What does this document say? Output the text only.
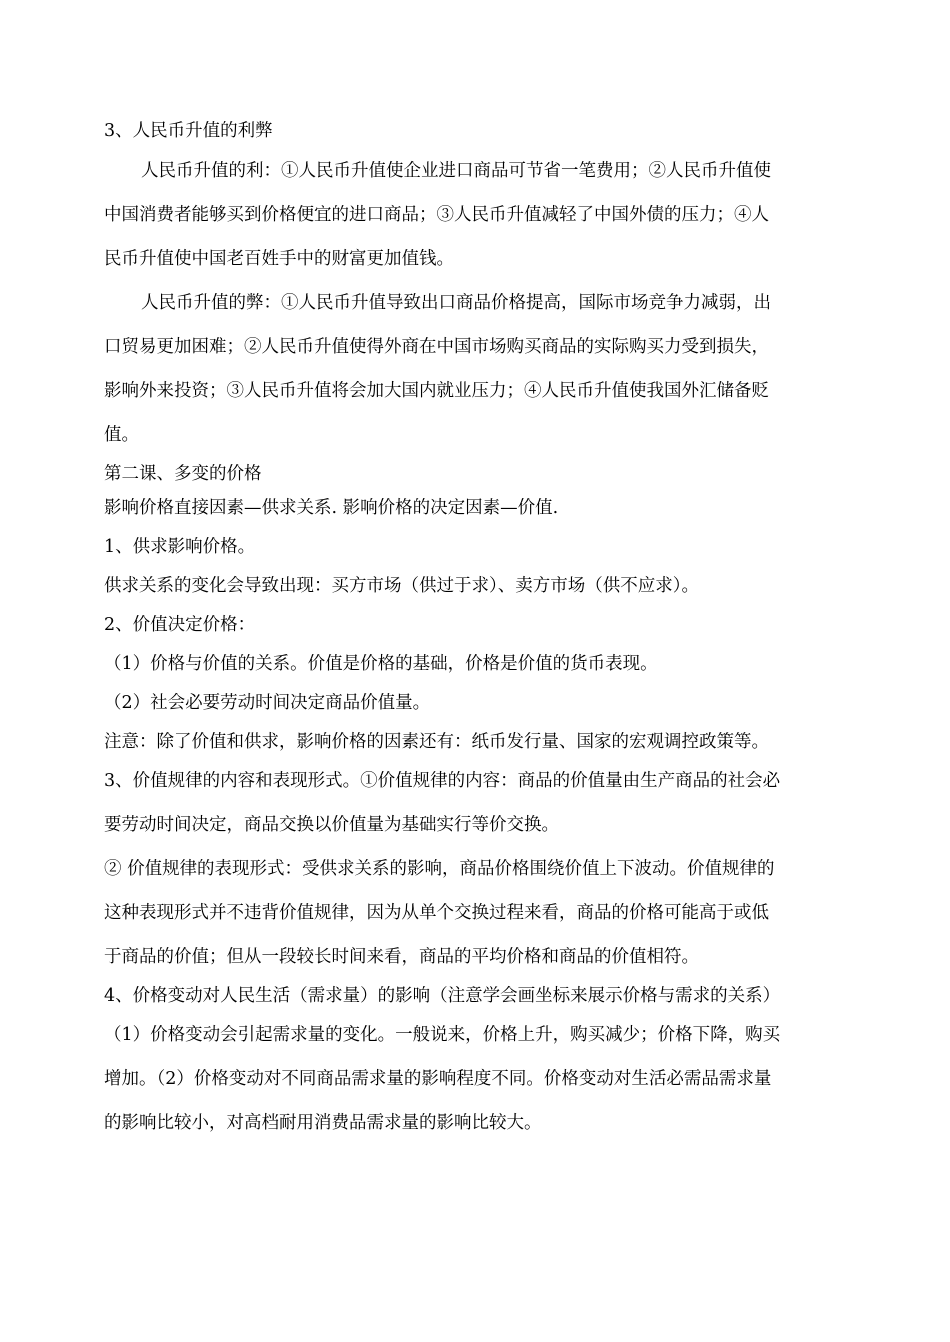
3、人民币升值的利弊
人民币升值的利：①人民币升值使企业进口商品可节省一笔费用；②人民币升值使
中国消费者能够买到价格便宜的进口商品；③人民币升值减轻了中国外债的压力；④人
民币升值使中国老百姓手中的财富更加值钱。
人民币升值的弊：①人民币升值导致出口商品价格提高，国际市场竞争力减弱，出
口贸易更加困难；②人民币升值使得外商在中国市场购买商品的实际购买力受到损失，
影响外来投资；③人民币升值将会加大国内就业压力；④人民币升值使我国外汇储备贬
值。
第二课、多变的价格
影响价格直接因素—供求关系. 影响价格的决定因素—价值.
1、供求影响价格。
供求关系的变化会导致出现：买方市场（供过于求）、卖方市场（供不应求）。
2、价值决定价格：
（1）价格与价值的关系。价值是价格的基础，价格是价值的货币表现。
（2）社会必要劳动时间决定商品价值量。
注意：除了价值和供求，影响价格的因素还有：纸币发行量、国家的宏观调控政策等。
3、价值规律的内容和表现形式。①价值规律的内容：商品的价值量由生产商品的社会必
要劳动时间决定，商品交换以价值量为基础实行等价交换。
② 价值规律的表现形式：受供求关系的影响，商品价格围绕价值上下波动。价值规律的
这种表现形式并不违背价值规律，因为从单个交换过程来看，商品的价格可能高于或低
于商品的价值；但从一段较长时间来看，商品的平均价格和商品的价值相符。
4、价格变动对人民生活（需求量）的影响（注意学会画坐标来展示价格与需求的关系）
（1）价格变动会引起需求量的变化。一般说来，价格上升，购买减少；价格下降，购买
增加。（2）价格变动对不同商品需求量的影响程度不同。价格变动对生活必需品需求量
的影响比较小，对高档耐用消费品需求量的影响比较大。
